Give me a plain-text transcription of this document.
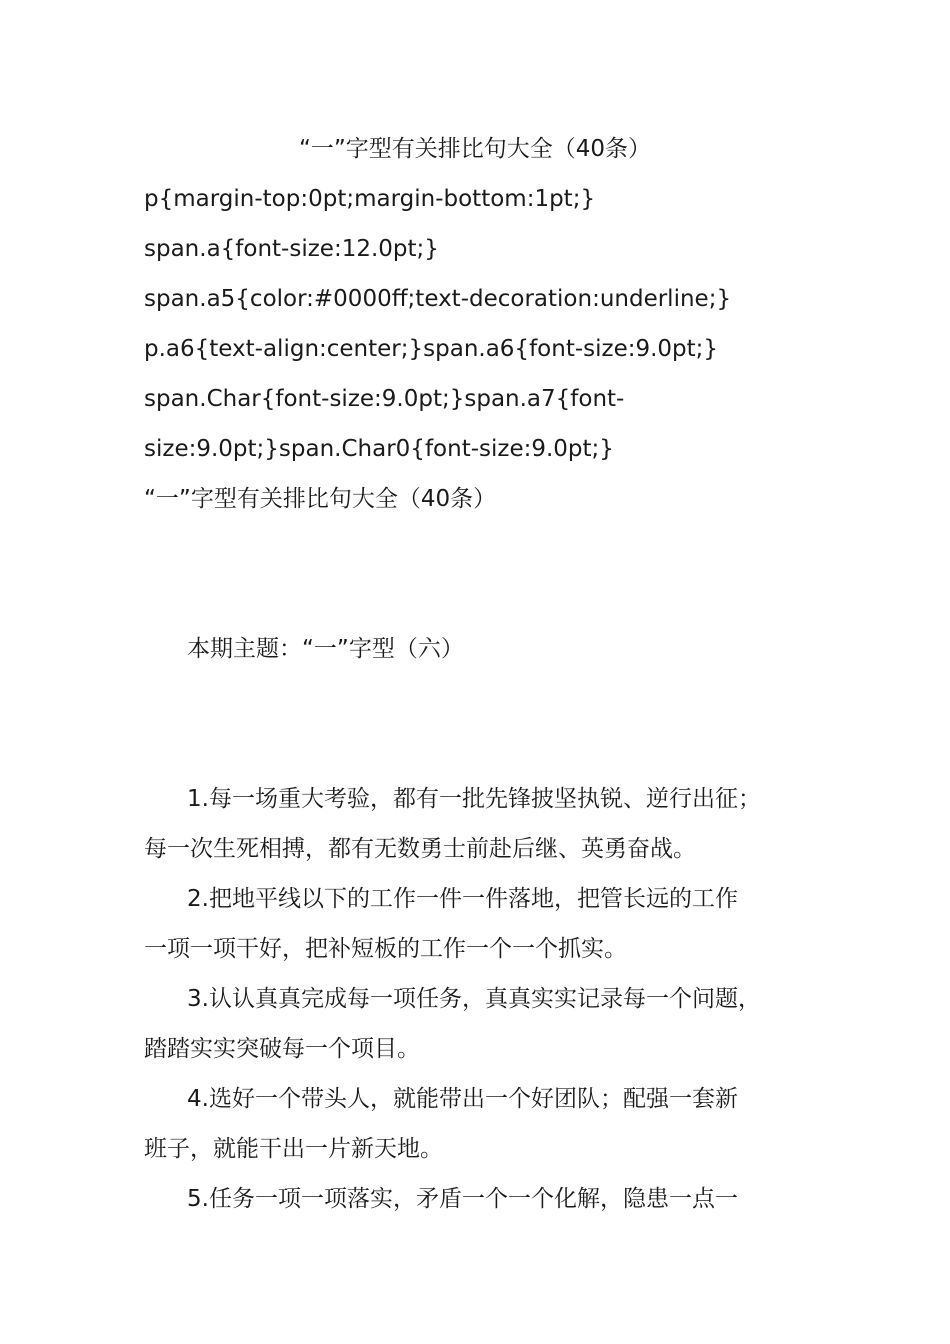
“一”字型有关排比句大全（40条）
p{margin-top:0pt;margin-bottom:1pt;}
span.a{font-size:12.0pt;}
span.a5{color:#0000ff;text-decoration:underline;}
p.a6{text-align:center;}span.a6{font-size:9.0pt;}
span.Char{font-size:9.0pt;}span.a7{font-
size:9.0pt;}span.Char0{font-size:9.0pt;}
“一”字型有关排比句大全（40条）
本期主题：“一”字型（六）
1.每一场重大考验，都有一批先锋披坚执锐、逆行出征；
每一次生死相搏，都有无数勇士前赴后继、英勇奋战。
2.把地平线以下的工作一件一件落地，把管长远的工作
一项一项干好，把补短板的工作一个一个抓实。
3.认认真真完成每一项任务，真真实实记录每一个问题，
踏踏实实突破每一个项目。
4.选好一个带头人，就能带出一个好团队；配强一套新
班子，就能干出一片新天地。
5.任务一项一项落实，矛盾一个一个化解，隐患一点一
